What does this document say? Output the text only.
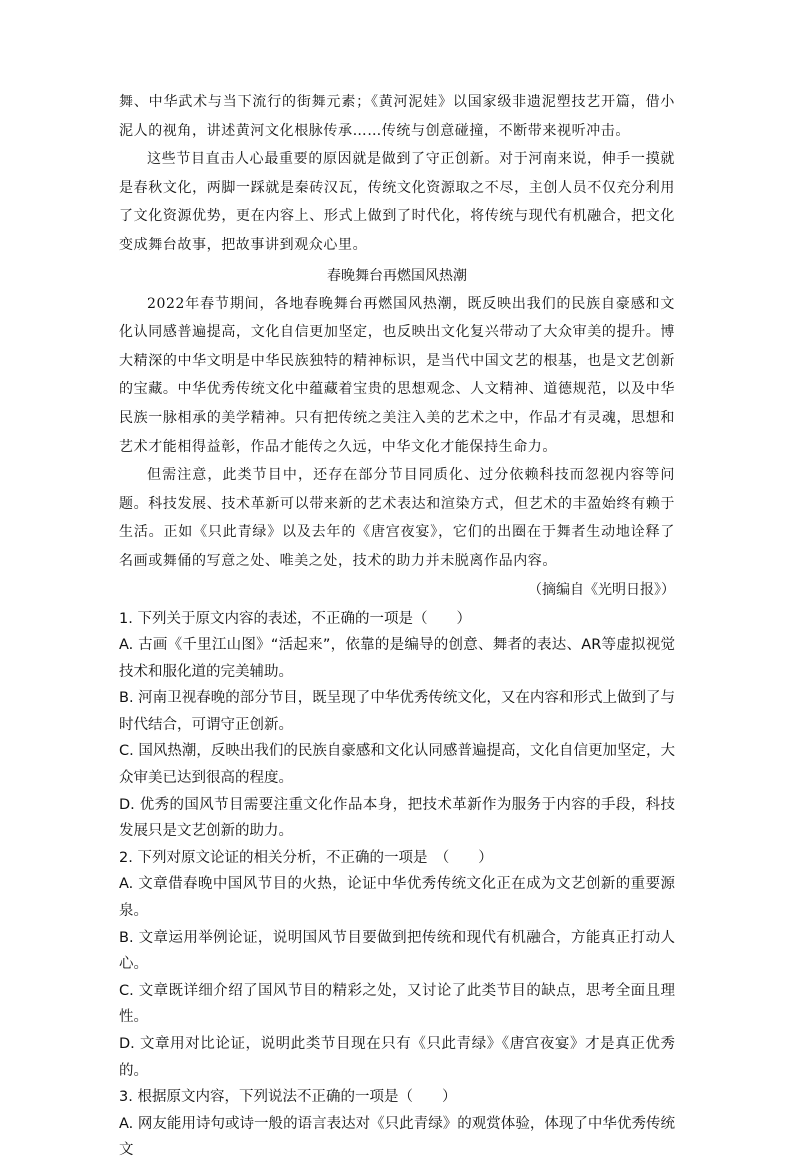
舞、中华武术与当下流行的街舞元素；《黄河泥娃》以国家级非遗泥塑技艺开篇，借小泥人的视角，讲述黄河文化根脉传承……传统与创意碰撞，不断带来视听冲击。

这些节目直击人心最重要的原因就是做到了守正创新。对于河南来说，伸手一摸就是春秋文化，两脚一踩就是秦砖汉瓦，传统文化资源取之不尽，主创人员不仅充分利用了文化资源优势，更在内容上、形式上做到了时代化，将传统与现代有机融合，把文化变成舞台故事，把故事讲到观众心里。

春晚舞台再燃国风热潮

2022年春节期间，各地春晚舞台再燃国风热潮，既反映出我们的民族自豪感和文化认同感普遍提高，文化自信更加坚定，也反映出文化复兴带动了大众审美的提升。博大精深的中华文明是中华民族独特的精神标识，是当代中国文艺的根基，也是文艺创新的宝藏。中华优秀传统文化中蕴藏着宝贵的思想观念、人文精神、道德规范，以及中华民族一脉相承的美学精神。只有把传统之美注入美的艺术之中，作品才有灵魂，思想和艺术才能相得益彰，作品才能传之久远，中华文化才能保持生命力。

但需注意，此类节目中，还存在部分节目同质化、过分依赖科技而忽视内容等问题。科技发展、技术革新可以带来新的艺术表达和渲染方式，但艺术的丰盈始终有赖于生活。正如《只此青绿》以及去年的《唐宫夜宴》，它们的出圈在于舞者生动地诠释了名画或舞俑的写意之处、唯美之处，技术的助力并未脱离作品内容。

（摘编自《光明日报》）

1. 下列关于原文内容的表述，不正确的一项是（　　）

A. 古画《千里江山图》“活起来”，依靠的是编导的创意、舞者的表达、AR等虚拟视觉技术和服化道的完美辅助。

B. 河南卫视春晚的部分节目，既呈现了中华优秀传统文化，又在内容和形式上做到了与时代结合，可谓守正创新。

C. 国风热潮，反映出我们的民族自豪感和文化认同感普遍提高，文化自信更加坚定，大众审美已达到很高的程度。

D. 优秀的国风节目需要注重文化作品本身，把技术革新作为服务于内容的手段，科技发展只是文艺创新的助力。

2. 下列对原文论证的相关分析，不正确的一项是　（　　）

A. 文章借春晚中国风节目的火热，论证中华优秀传统文化正在成为文艺创新的重要源泉。

B. 文章运用举例论证，说明国风节目要做到把传统和现代有机融合，方能真正打动人心。

C. 文章既详细介绍了国风节目的精彩之处，又讨论了此类节目的缺点，思考全面且理性。

D. 文章用对比论证，说明此类节目现在只有《只此青绿》《唐宫夜宴》才是真正优秀的。

3. 根据原文内容，下列说法不正确的一项是（　　）

A. 网友能用诗句或诗一般的语言表达对《只此青绿》的观赏体验，体现了中华优秀传统文
